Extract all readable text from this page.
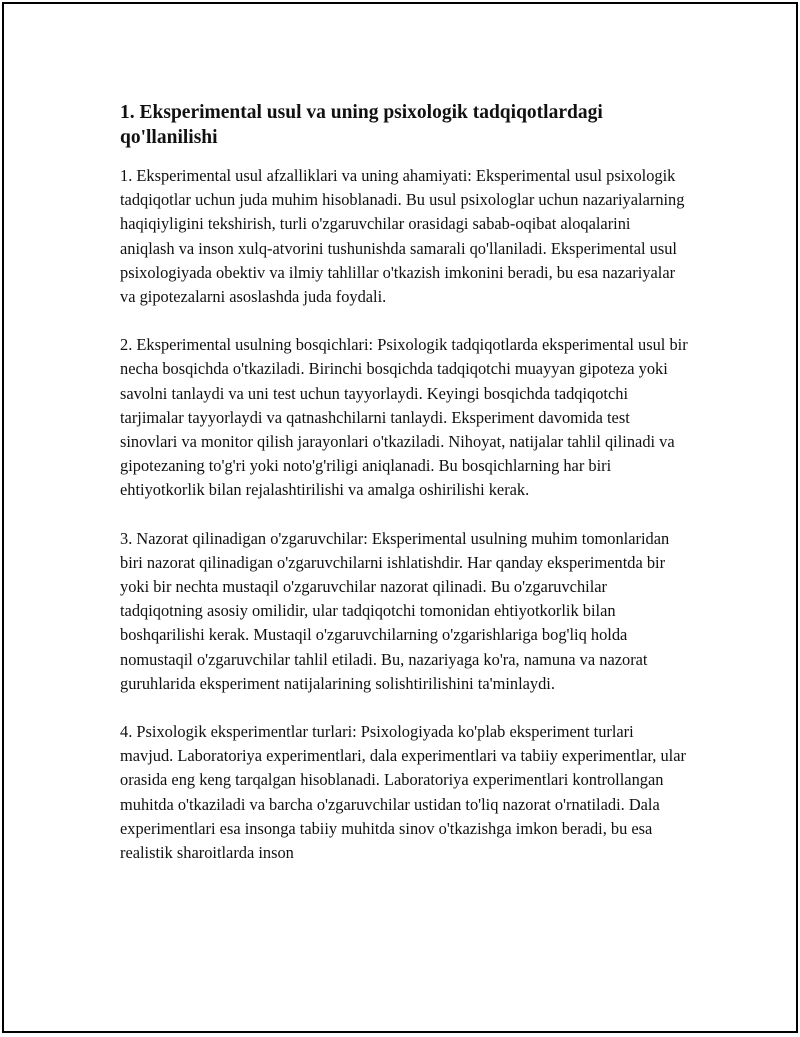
1. Eksperimental usul va uning psixologik tadqiqotlardagi qo'llanilishi

1. Eksperimental usul afzalliklari va uning ahamiyati: Eksperimental usul psixologik tadqiqotlar uchun juda muhim hisoblanadi. Bu usul psixologlar uchun nazariyalarning haqiqiyligini tekshirish, turli o'zgaruvchilar orasidagi sabab-oqibat aloqalarini aniqlash va inson xulq-atvorini tushunishda samarali qo'llaniladi. Eksperimental usul psixologiyada obektiv va ilmiy tahlillar o'tkazish imkonini beradi, bu esa nazariyalar va gipotezalarni asoslashda juda foydali.

2. Eksperimental usulning bosqichlari: Psixologik tadqiqotlarda eksperimental usul bir necha bosqichda o'tkaziladi. Birinchi bosqichda tadqiqotchi muayyan gipoteza yoki savolni tanlaydi va uni test uchun tayyorlaydi. Keyingi bosqichda tadqiqotchi tarjimalar tayyorlaydi va qatnashchilarni tanlaydi. Eksperiment davomida test sinovlari va monitor qilish jarayonlari o'tkaziladi. Nihoyat, natijalar tahlil qilinadi va gipotezaning to'g'ri yoki noto'g'riligi aniqlanadi. Bu bosqichlarning har biri ehtiyotkorlik bilan rejalashtirilishi va amalga oshirilishi kerak.

3. Nazorat qilinadigan o'zgaruvchilar: Eksperimental usulning muhim tomonlaridan biri nazorat qilinadigan o'zgaruvchilarni ishlatishdir. Har qanday eksperimentda bir yoki bir nechta mustaqil o'zgaruvchilar nazorat qilinadi. Bu o'zgaruvchilar tadqiqotning asosiy omilidir, ular tadqiqotchi tomonidan ehtiyotkorlik bilan boshqarilishi kerak. Mustaqil o'zgaruvchilarning o'zgarishlariga bog'liq holda nomustaqil o'zgaruvchilar tahlil etiladi. Bu, nazariyaga ko'ra, namuna va nazorat guruhlarida eksperiment natijalarining solishtirilishini ta'minlaydi.

4. Psixologik eksperimentlar turlari: Psixologiyada ko'plab eksperiment turlari mavjud. Laboratoriya experimentlari, dala experimentlari va tabiiy experimentlar, ular orasida eng keng tarqalgan hisoblanadi. Laboratoriya experimentlari kontrollangan muhitda o'tkaziladi va barcha o'zgaruvchilar ustidan to'liq nazorat o'rnatiladi. Dala experimentlari esa insonga tabiiy muhitda sinov o'tkazishga imkon beradi, bu esa realistik sharoitlarda inson
